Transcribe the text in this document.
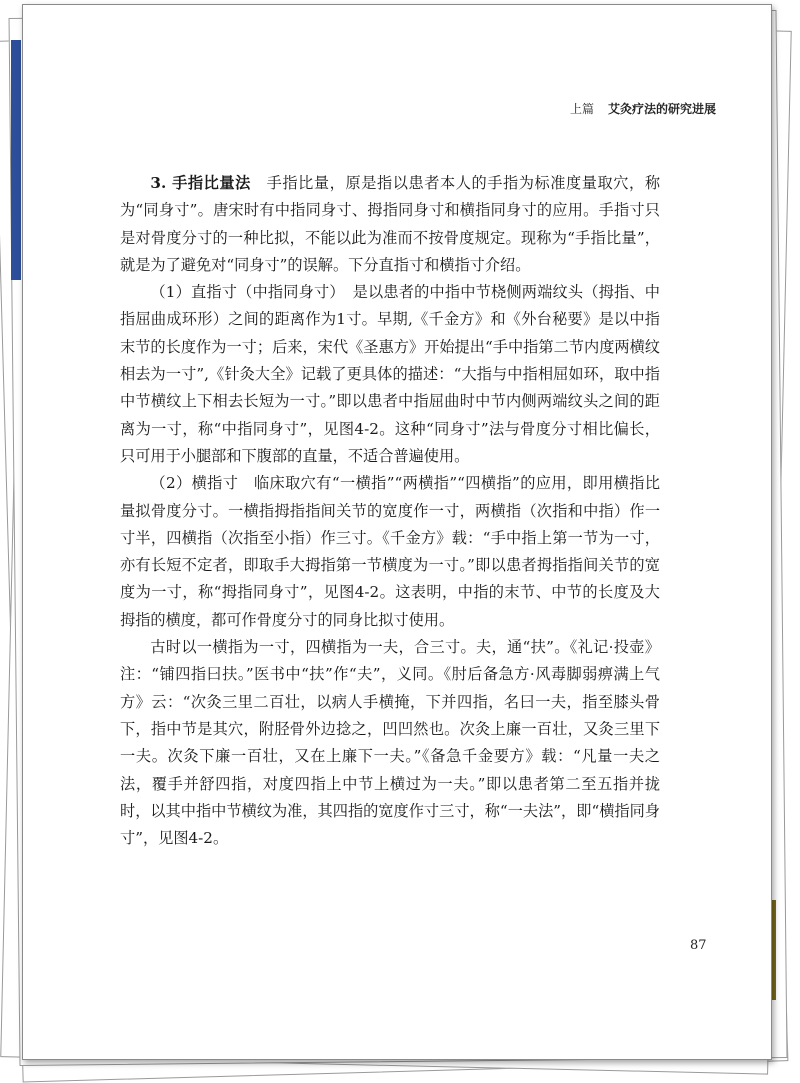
上篇 艾灸疗法的研究进展

3. 手指比量法　 手指比量，原是指以患者本人的手指为标准度量取穴，称为“同身寸”。唐宋时有中指同身寸、拇指同身寸和横指同身寸的应用。手指寸只是对骨度分寸的一种比拟，不能以此为准而不按骨度规定。现称为“手指比量”，就是为了避免对“同身寸”的误解。下分直指寸和横指寸介绍。

（1）直指寸（中指同身寸）　 是以患者的中指中节桡侧两端纹头（拇指、中指屈曲成环形）之间的距离作为1寸。早期,《千金方》和《外台秘要》是以中指末节的长度作为一寸；后来，宋代《圣惠方》开始提出“手中指第二节内度两横纹相去为一寸”,《针灸大全》记载了更具体的描述：“大指与中指相屈如环，取中指中节横纹上下相去长短为一寸。”即以患者中指屈曲时中节内侧两端纹头之间的距离为一寸，称“中指同身寸”，见图4-2。这种“同身寸”法与骨度分寸相比偏长，只可用于小腿部和下腹部的直量，不适合普遍使用。

（2）横指寸　 临床取穴有“一横指”“两横指”“四横指”的应用，即用横指比量拟骨度分寸。一横指拇指指间关节的宽度作一寸，两横指（次指和中指）作一寸半，四横指（次指至小指）作三寸。《千金方》载：“手中指上第一节为一寸，亦有长短不定者，即取手大拇指第一节横度为一寸。”即以患者拇指指间关节的宽度为一寸，称“拇指同身寸”，见图4-2。这表明，中指的末节、中节的长度及大拇指的横度，都可作骨度分寸的同身比拟寸使用。

古时以一横指为一寸，四横指为一夫，合三寸。夫，通“扶”。《礼记·投壶》注：“铺四指曰扶。”医书中“扶”作“夫”，义同。《肘后备急方·风毒脚弱痹满上气方》云：“次灸三里二百壮，以病人手横掩，下并四指，名曰一夫，指至膝头骨下，指中节是其穴，附胫骨外边捻之，凹凹然也。次灸上廉一百壮，又灸三里下一夫。次灸下廉一百壮，又在上廉下一夫。”《备急千金要方》载：“凡量一夫之法，覆手并舒四指，对度四指上中节上横过为一夫。”即以患者第二至五指并拢时，以其中指中节横纹为准，其四指的宽度作寸三寸，称“一夫法”，即“横指同身寸”，见图4-2。

87
